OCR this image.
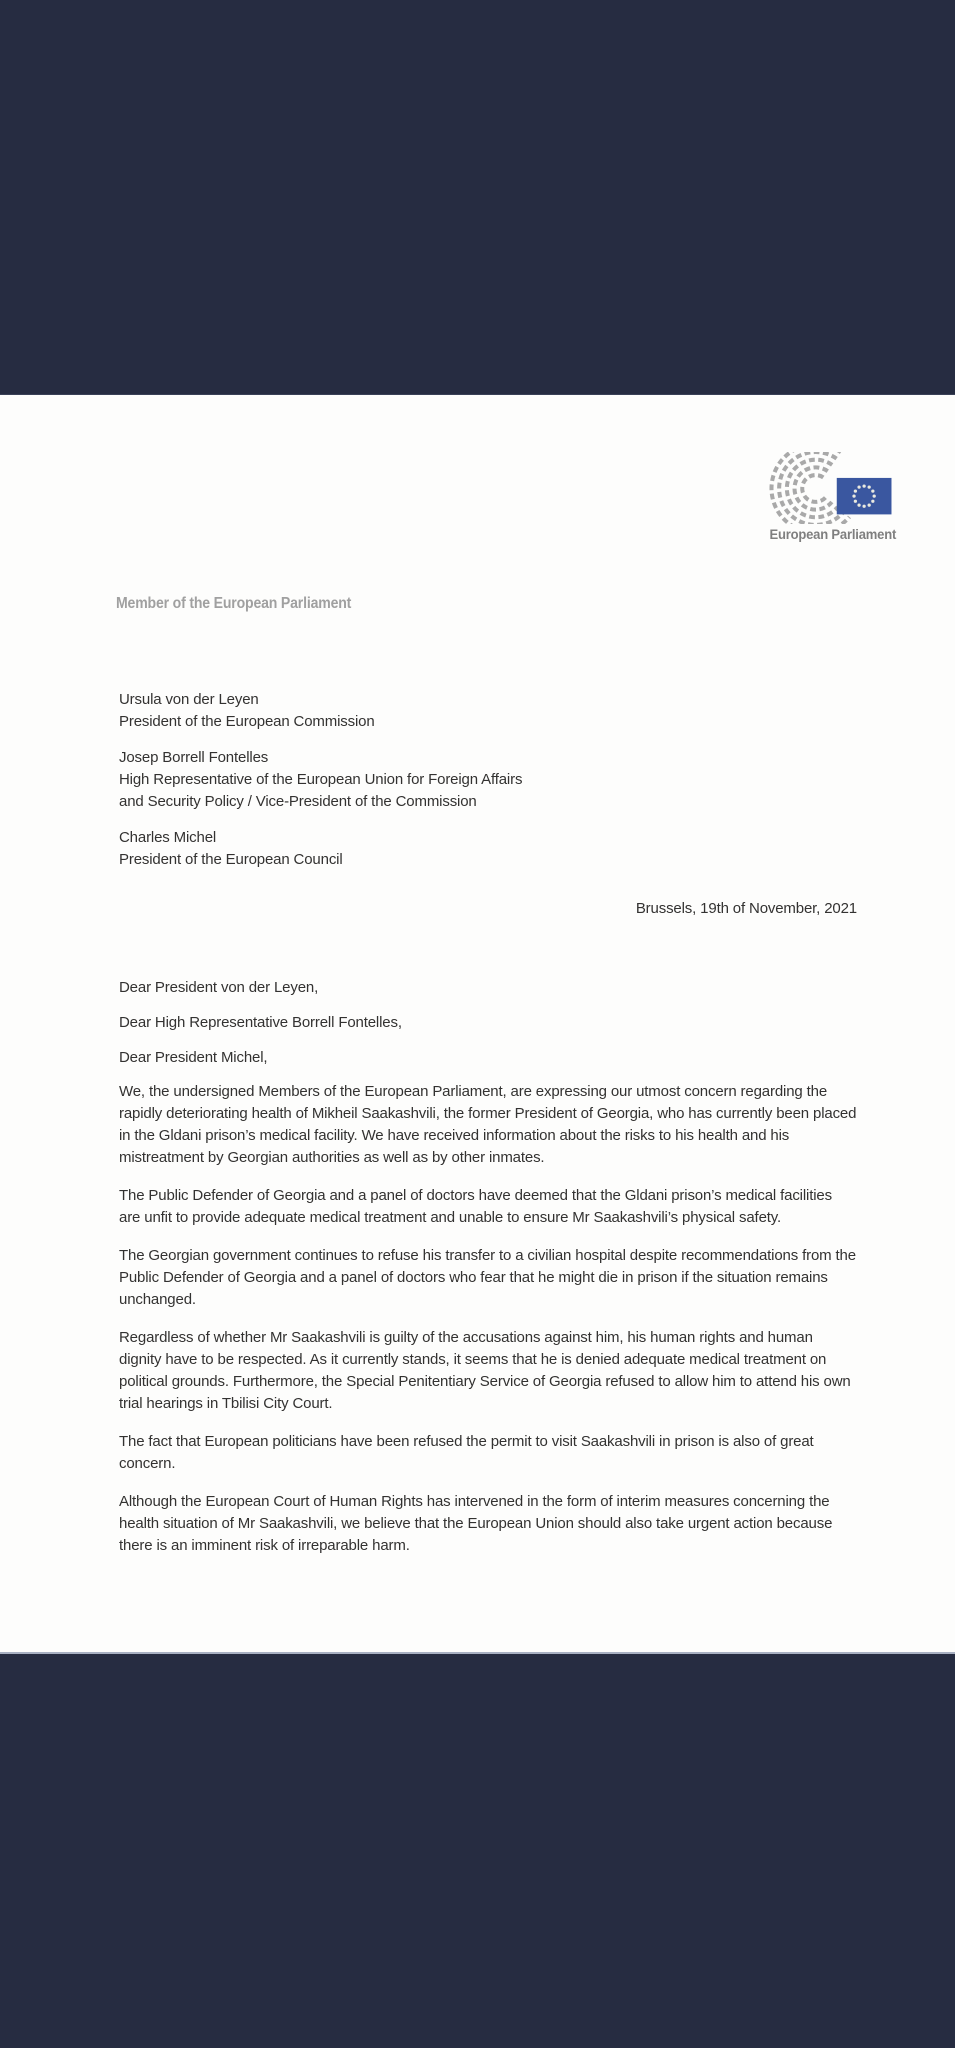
European Parliament
Member of the European Parliament

Ursula von der Leyen

President of the European Commission

Josep Borrell Fontelles

High Representative of the European Union for Foreign Affairs

and Security Policy / Vice-President of the Commission

Charles Michel

President of the European Council

Brussels, 19th of November, 2021

Dear President von der Leyen,

Dear High Representative Borrell Fontelles,

Dear President Michel,

We, the undersigned Members of the European Parliament, are expressing our utmost concern regarding the rapidly deteriorating health of Mikheil Saakashvili, the former President of Georgia, who has currently been placed in the Gldani prison’s medical facility. We have received information about the risks to his health and his mistreatment by Georgian authorities as well as by other inmates.

The Public Defender of Georgia and a panel of doctors have deemed that the Gldani prison’s medical facilities are unfit to provide adequate medical treatment and unable to ensure Mr Saakashvili’s physical safety.

The Georgian government continues to refuse his transfer to a civilian hospital despite recommendations from the Public Defender of Georgia and a panel of doctors who fear that he might die in prison if the situation remains unchanged.

Regardless of whether Mr Saakashvili is guilty of the accusations against him, his human rights and human dignity have to be respected. As it currently stands, it seems that he is denied adequate medical treatment on political grounds. Furthermore, the Special Penitentiary Service of Georgia refused to allow him to attend his own trial hearings in Tbilisi City Court.

The fact that European politicians have been refused the permit to visit Saakashvili in prison is also of great concern.

Although the European Court of Human Rights has intervened in the form of interim measures concerning the health situation of Mr Saakashvili, we believe that the European Union should also take urgent action because there is an imminent risk of irreparable harm.
